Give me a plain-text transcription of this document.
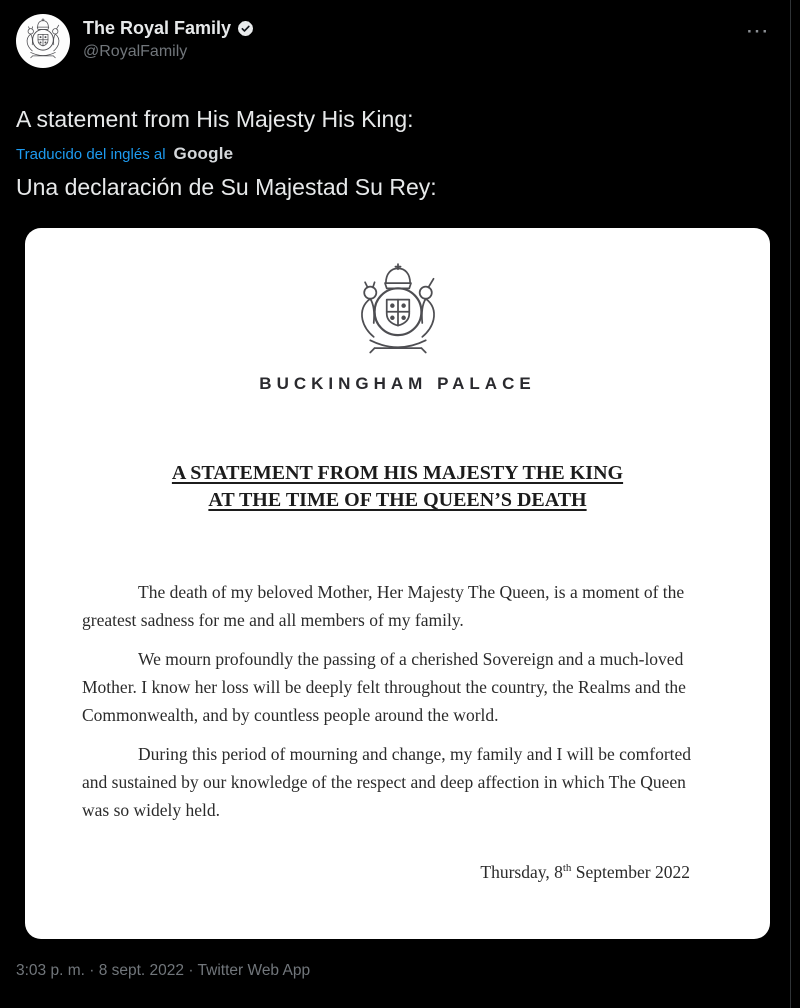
The Royal Family
@RoyalFamily
···
A statement from His Majesty His King:
Traducido del inglés al Google
Una declaración de Su Majestad Su Rey:
BUCKINGHAM PALACE
A STATEMENT FROM HIS MAJESTY THE KING
AT THE TIME OF THE QUEEN’S DEATH

The death of my beloved Mother, Her Majesty The Queen, is a moment of the greatest sadness for me and all members of my family.

We mourn profoundly the passing of a cherished Sovereign and a much-loved Mother. I know her loss will be deeply felt throughout the country, the Realms and the Commonwealth, and by countless people around the world.

During this period of mourning and change, my family and I will be comforted and sustained by our knowledge of the respect and deep affection in which The Queen was so widely held.

Thursday, 8th September 2022
3:03 p. m. · 8 sept. 2022 · Twitter Web App
